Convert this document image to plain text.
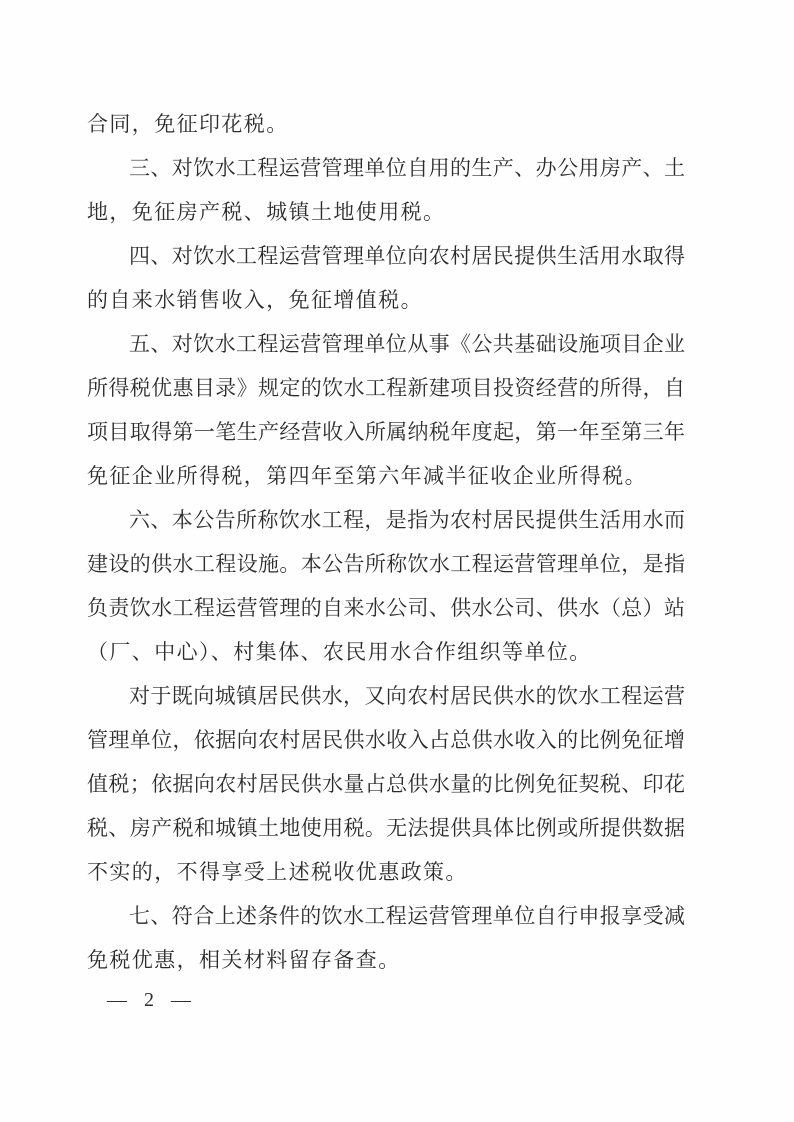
合同，免征印花税。
三、对饮水工程运营管理单位自用的生产、办公用房产、土
地，免征房产税、城镇土地使用税。
四、对饮水工程运营管理单位向农村居民提供生活用水取得
的自来水销售收入，免征增值税。
五、对饮水工程运营管理单位从事《公共基础设施项目企业
所得税优惠目录》规定的饮水工程新建项目投资经营的所得，自
项目取得第一笔生产经营收入所属纳税年度起，第一年至第三年
免征企业所得税，第四年至第六年减半征收企业所得税。
六、本公告所称饮水工程，是指为农村居民提供生活用水而
建设的供水工程设施。本公告所称饮水工程运营管理单位，是指
负责饮水工程运营管理的自来水公司、供水公司、供水（总）站
（厂、中心）、村集体、农民用水合作组织等单位。
对于既向城镇居民供水，又向农村居民供水的饮水工程运营
管理单位，依据向农村居民供水收入占总供水收入的比例免征增
值税；依据向农村居民供水量占总供水量的比例免征契税、印花
税、房产税和城镇土地使用税。无法提供具体比例或所提供数据
不实的，不得享受上述税收优惠政策。
七、符合上述条件的饮水工程运营管理单位自行申报享受减
免税优惠，相关材料留存备查。
— 2 —
